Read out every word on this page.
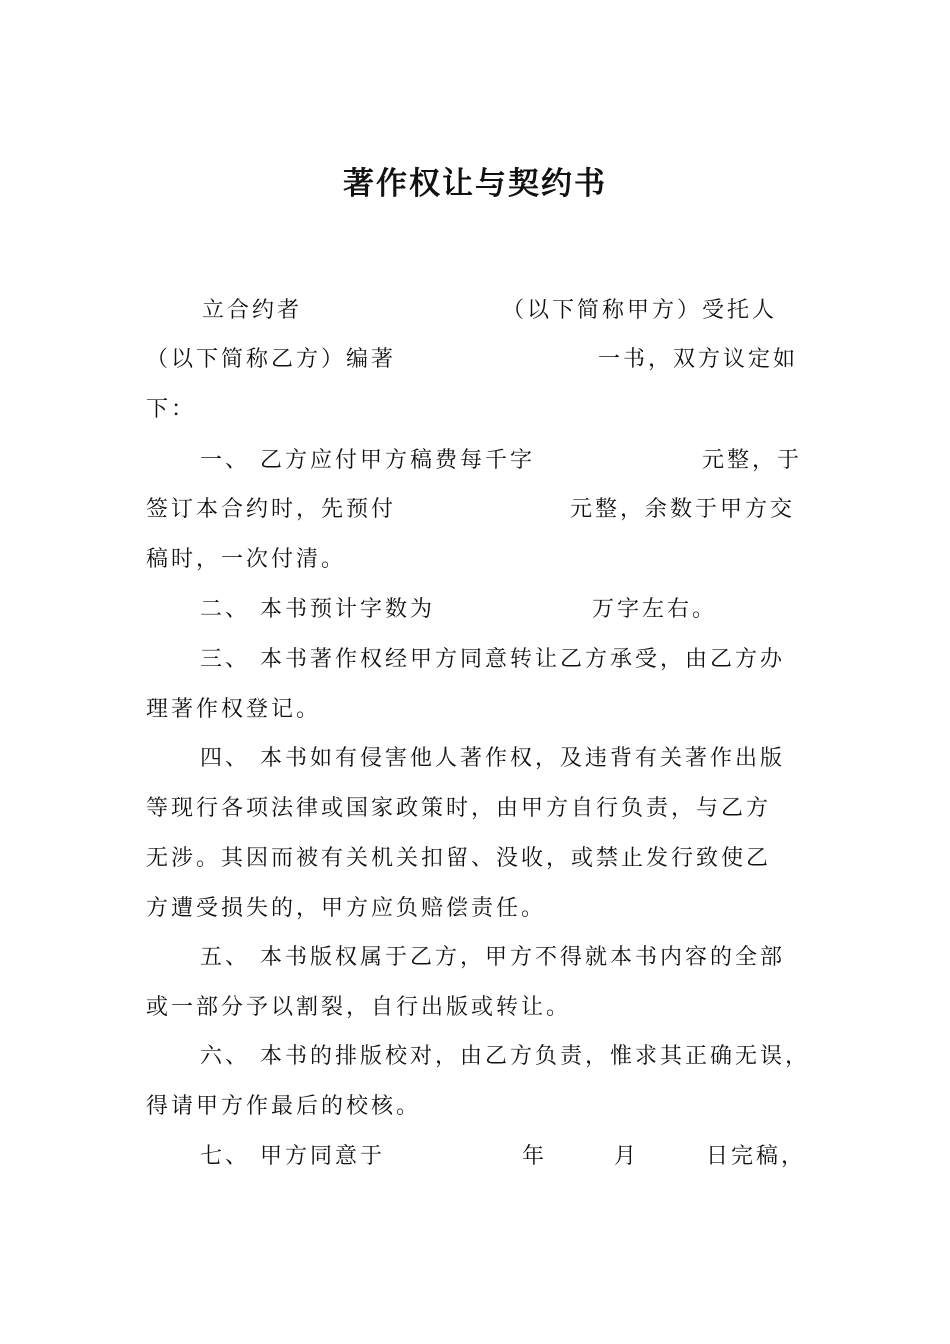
著作权让与契约书
立合约者	（以下简称甲方）受托人
（以下简称乙方）编著	一书，双方议定如
下：
一、 乙方应付甲方稿费每千字	元整，于
签订本合约时，先预付	元整，余数于甲方交
稿时，一次付清。
二、 本书预计字数为	万字左右。
三、 本书著作权经甲方同意转让乙方承受，由乙方办
理著作权登记。
四、 本书如有侵害他人著作权，及违背有关著作出版
等现行各项法律或国家政策时，由甲方自行负责，与乙方
无涉。其因而被有关机关扣留、没收，或禁止发行致使乙
方遭受损失的，甲方应负赔偿责任。
五、 本书版权属于乙方，甲方不得就本书内容的全部
或一部分予以割裂，自行出版或转让。
六、 本书的排版校对，由乙方负责，惟求其正确无误，
得请甲方作最后的校核。
七、 甲方同意于	年	月	日完稿，
